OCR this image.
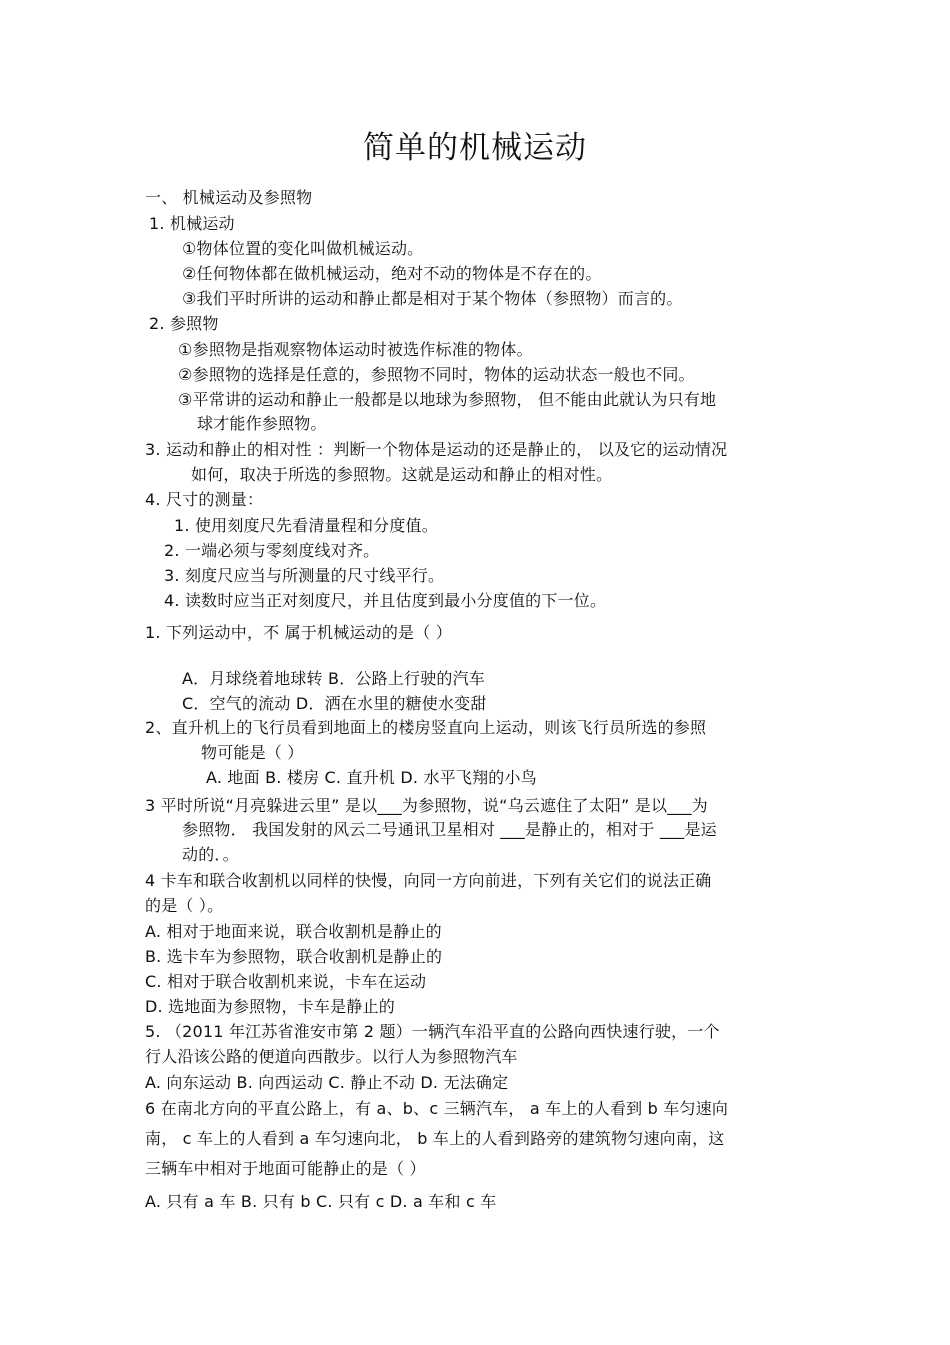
简单的机械运动
一、 机械运动及参照物
1. 机械运动
①物体位置的变化叫做机械运动。
②任何物体都在做机械运动，绝对不动的物体是不存在的。
③我们平时所讲的运动和静止都是相对于某个物体（参照物）而言的。
2. 参照物
①参照物是指观察物体运动时被选作标准的物体。
②参照物的选择是任意的，参照物不同时，物体的运动状态一般也不同。
③平常讲的运动和静止一般都是以地球为参照物， 但不能由此就认为只有地
球才能作参照物。
3. 运动和静止的相对性 ：判断一个物体是运动的还是静止的， 以及它的运动情况
如何，取决于所选的参照物。这就是运动和静止的相对性。
4. 尺寸的测量：
1. 使用刻度尺先看清量程和分度值。
2. 一端必须与零刻度线对齐。
3. 刻度尺应当与所测量的尺寸线平行。
4. 读数时应当正对刻度尺，并且估度到最小分度值的下一位。
1. 下列运动中，不 属于机械运动的是（ ）
A．月球绕着地球转 B．公路上行驶的汽车
C．空气的流动 D．洒在水里的糖使水变甜
2、直升机上的飞行员看到地面上的楼房竖直向上运动，则该飞行员所选的参照
物可能是（ ）
A. 地面 B. 楼房 C. 直升机 D. 水平飞翔的小鸟
3 平时所说“月亮躲进云里” 是以___为参照物，说“乌云遮住了太阳” 是以___为
参照物． 我国发射的风云二号通讯卫星相对 ___是静止的，相对于 ___是运
动的．。
4 卡车和联合收割机以同样的快慢，向同一方向前进，下列有关它们的说法正确
的是（ ）。
A. 相对于地面来说，联合收割机是静止的
B. 选卡车为参照物，联合收割机是静止的
C. 相对于联合收割机来说，卡车在运动
D. 选地面为参照物，卡车是静止的
5. （2011 年江苏省淮安市第 2 题）一辆汽车沿平直的公路向西快速行驶，一个
行人沿该公路的便道向西散步。以行人为参照物汽车
A. 向东运动 B. 向西运动 C. 静止不动 D. 无法确定
6 在南北方向的平直公路上，有 a、b、c 三辆汽车， a 车上的人看到 b 车匀速向
南， c 车上的人看到 a 车匀速向北， b 车上的人看到路旁的建筑物匀速向南，这
三辆车中相对于地面可能静止的是（ ）
A. 只有 a 车 B. 只有 b C. 只有 c D. a 车和 c 车
